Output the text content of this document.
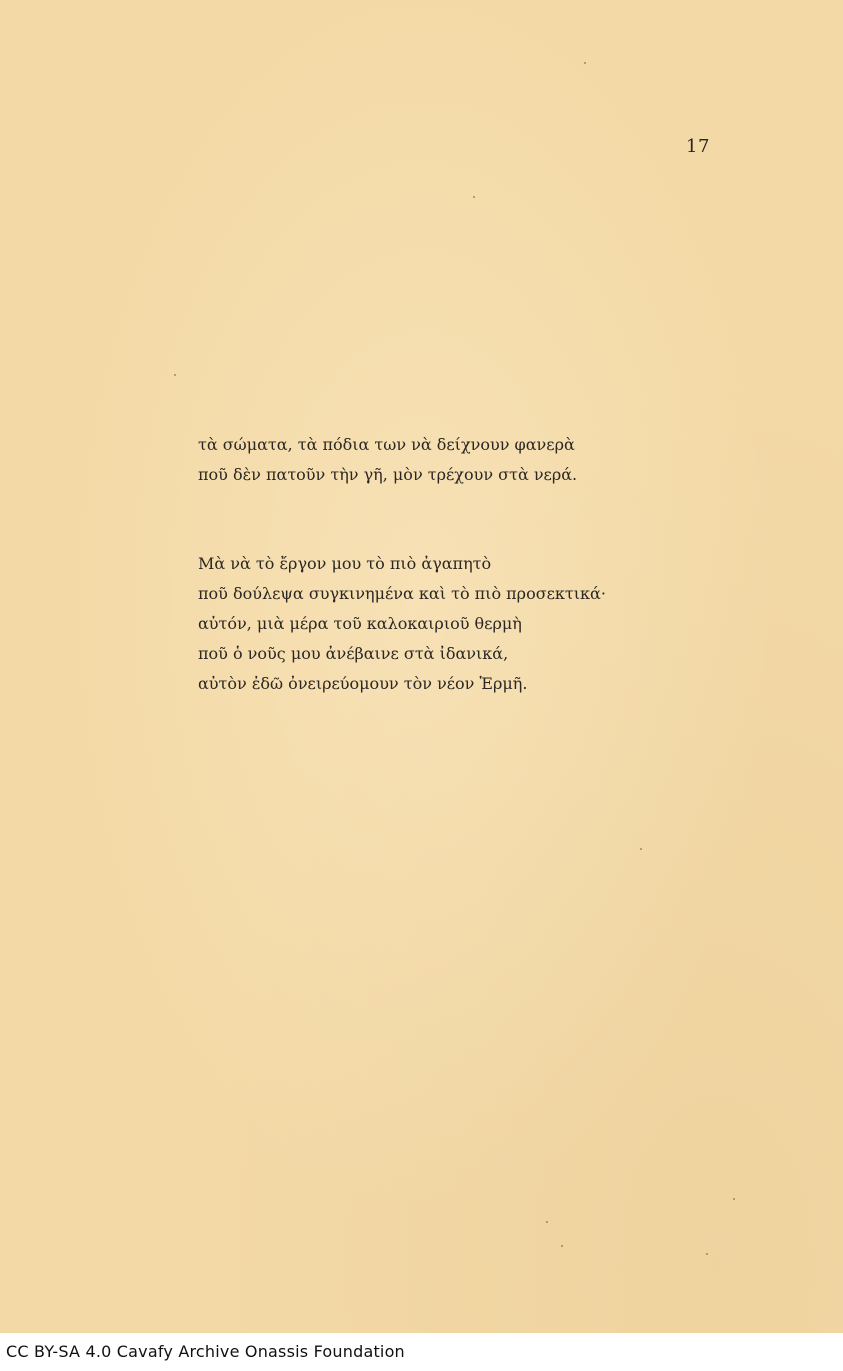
17
τὰ σώματα, τὰ πόδια των νὰ δείχνουν φανερὰ
ποῦ δὲν πατοῦν τὴν γῆ, μὸν τρέχουν στὰ νερά.
Μὰ νὰ τὸ ἔργον μου τὸ πιὸ ἀγαπητὸ
ποῦ δούλεψα συγκινημένα καὶ τὸ πιὸ προσεκτικά·
αὐτόν, μιὰ μέρα τοῦ καλοκαιριοῦ θερμὴ
ποῦ ὁ νοῦς μου ἀνέβαινε στὰ ἰδανικά,
αὐτὸν ἐδῶ ὀνειρεύομουν τὸν νέον Ἑρμῆ.
CC BY-SA 4.0 Cavafy Archive Onassis Foundation
